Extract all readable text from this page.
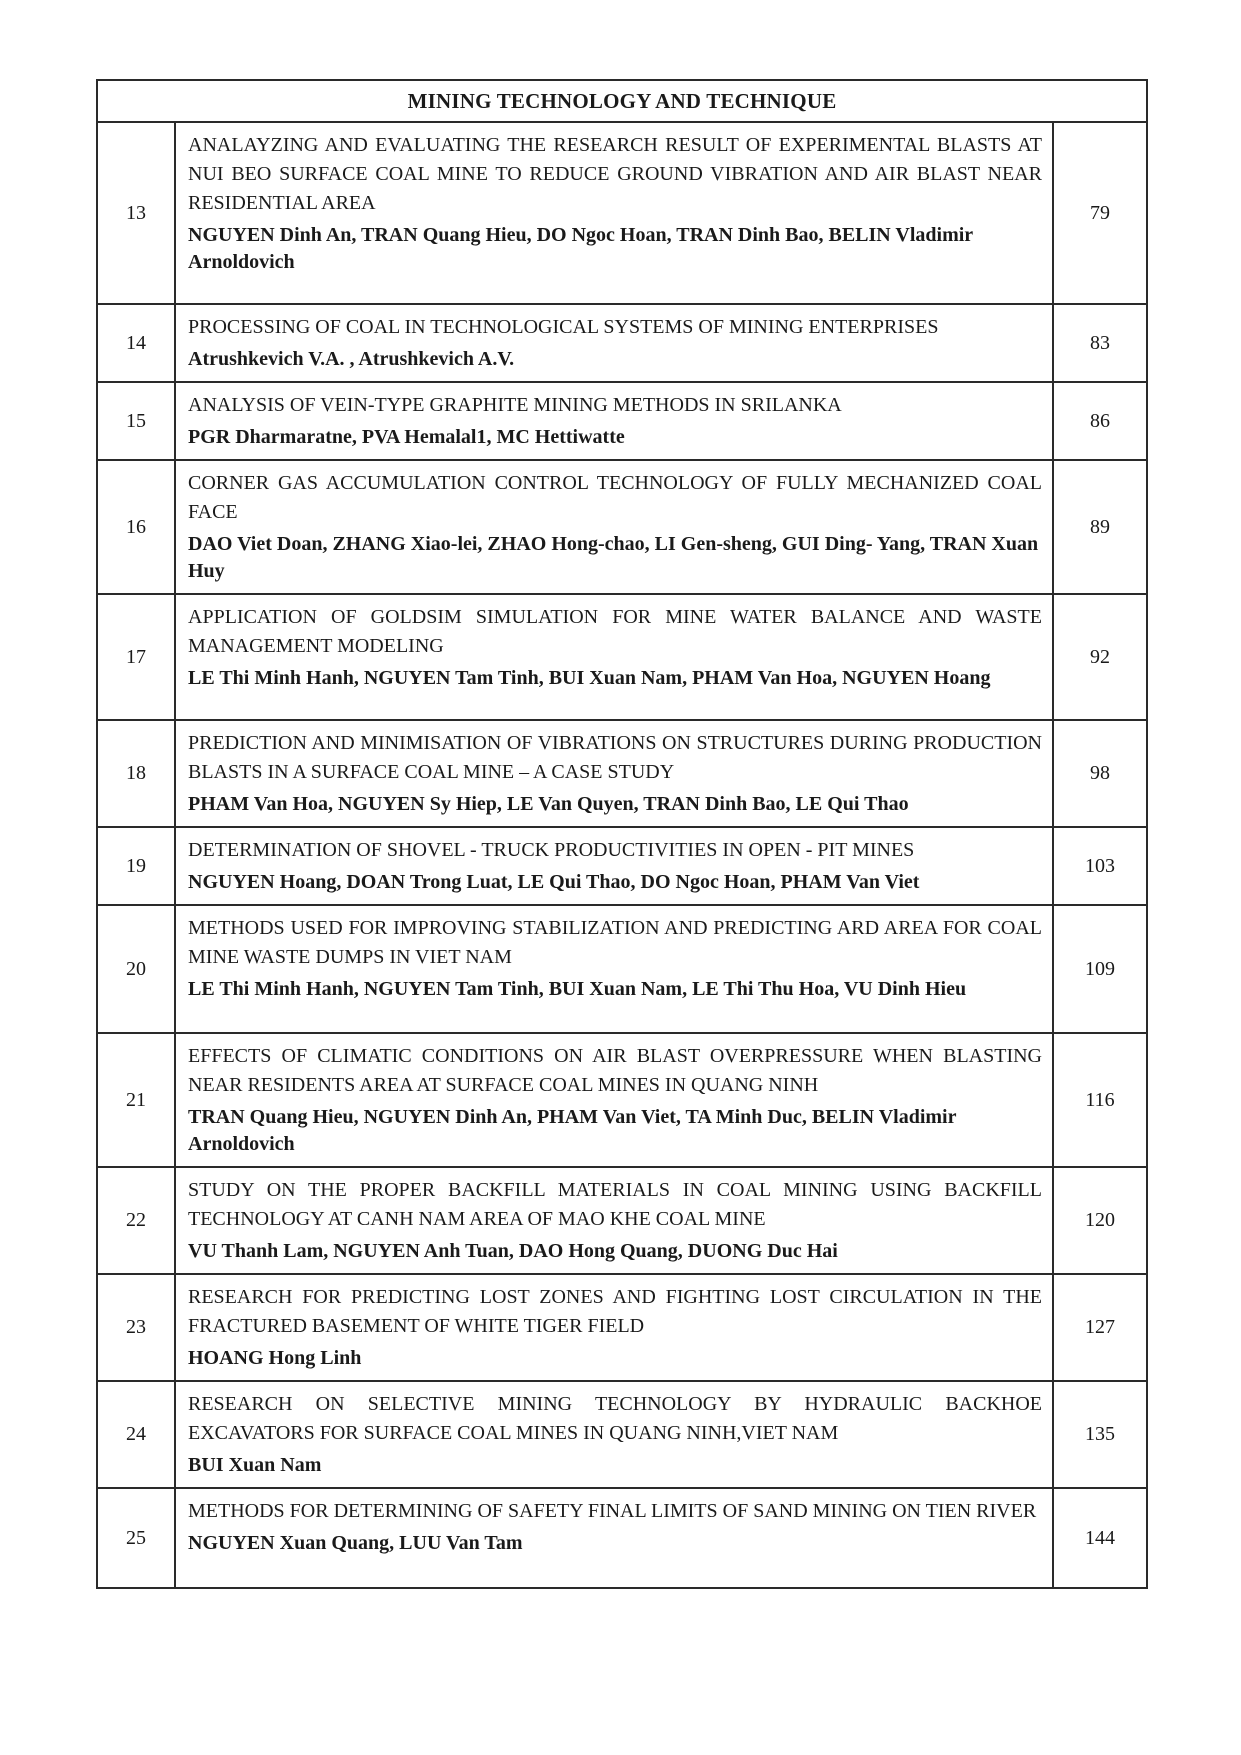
MINING TECHNOLOGY AND TECHNIQUE		
13	ANALAYZING AND EVALUATING THE RESEARCH RESULT OF EXPERIMENTAL BLASTS AT NUI BEO SURFACE COAL MINE TO REDUCE GROUND VIBRATION AND AIR BLAST NEAR RESIDENTIAL AREA
NGUYEN Dinh An, TRAN Quang Hieu, DO Ngoc Hoan, TRAN Dinh Bao, BELIN Vladimir Arnoldovich	79
14	PROCESSING OF COAL IN TECHNOLOGICAL SYSTEMS OF MINING ENTERPRISES
Atrushkevich V.A. , Atrushkevich A.V.	83
15	ANALYSIS OF VEIN-TYPE GRAPHITE MINING METHODS IN SRILANKA
PGR Dharmaratne, PVA Hemalal1, MC Hettiwatte	86
16	CORNER GAS ACCUMULATION CONTROL TECHNOLOGY OF FULLY MECHANIZED COAL FACE
DAO Viet Doan, ZHANG Xiao-lei, ZHAO Hong-chao, LI Gen-sheng, GUI Ding- Yang, TRAN Xuan Huy	89
17	APPLICATION OF GOLDSIM SIMULATION FOR MINE WATER BALANCE AND WASTE MANAGEMENT MODELING
LE Thi Minh Hanh, NGUYEN Tam Tinh, BUI Xuan Nam, PHAM Van Hoa, NGUYEN Hoang	92
18	PREDICTION AND MINIMISATION OF VIBRATIONS ON STRUCTURES DURING PRODUCTION BLASTS IN A SURFACE COAL MINE – A CASE STUDY
PHAM Van Hoa, NGUYEN Sy Hiep, LE Van Quyen, TRAN Dinh Bao, LE Qui Thao	98
19	DETERMINATION OF SHOVEL - TRUCK PRODUCTIVITIES IN OPEN - PIT MINES
NGUYEN Hoang, DOAN Trong Luat, LE Qui Thao, DO Ngoc Hoan, PHAM Van Viet	103
20	METHODS USED FOR IMPROVING STABILIZATION AND PREDICTING ARD AREA FOR COAL MINE WASTE DUMPS IN VIET NAM
LE Thi Minh Hanh, NGUYEN Tam Tinh, BUI Xuan Nam, LE Thi Thu Hoa, VU Dinh Hieu	109
21	EFFECTS OF CLIMATIC CONDITIONS ON AIR BLAST OVERPRESSURE WHEN BLASTING NEAR RESIDENTS AREA AT SURFACE COAL MINES IN QUANG NINH
TRAN Quang Hieu, NGUYEN Dinh An, PHAM Van Viet, TA Minh Duc, BELIN Vladimir Arnoldovich	116
22	STUDY ON THE PROPER BACKFILL MATERIALS IN COAL MINING USING BACKFILL TECHNOLOGY AT CANH NAM AREA OF MAO KHE COAL MINE
VU Thanh Lam, NGUYEN Anh Tuan, DAO Hong Quang, DUONG Duc Hai	120
23	RESEARCH FOR PREDICTING LOST ZONES AND FIGHTING LOST CIRCULATION IN THE FRACTURED BASEMENT OF WHITE TIGER FIELD
HOANG Hong Linh	127
24	RESEARCH ON SELECTIVE MINING TECHNOLOGY BY HYDRAULIC BACKHOE EXCAVATORS FOR SURFACE COAL MINES IN QUANG NINH,VIET NAM
BUI Xuan Nam	135
25	METHODS FOR DETERMINING OF SAFETY FINAL LIMITS OF SAND MINING ON TIEN RIVER
NGUYEN Xuan Quang, LUU Van Tam	144
